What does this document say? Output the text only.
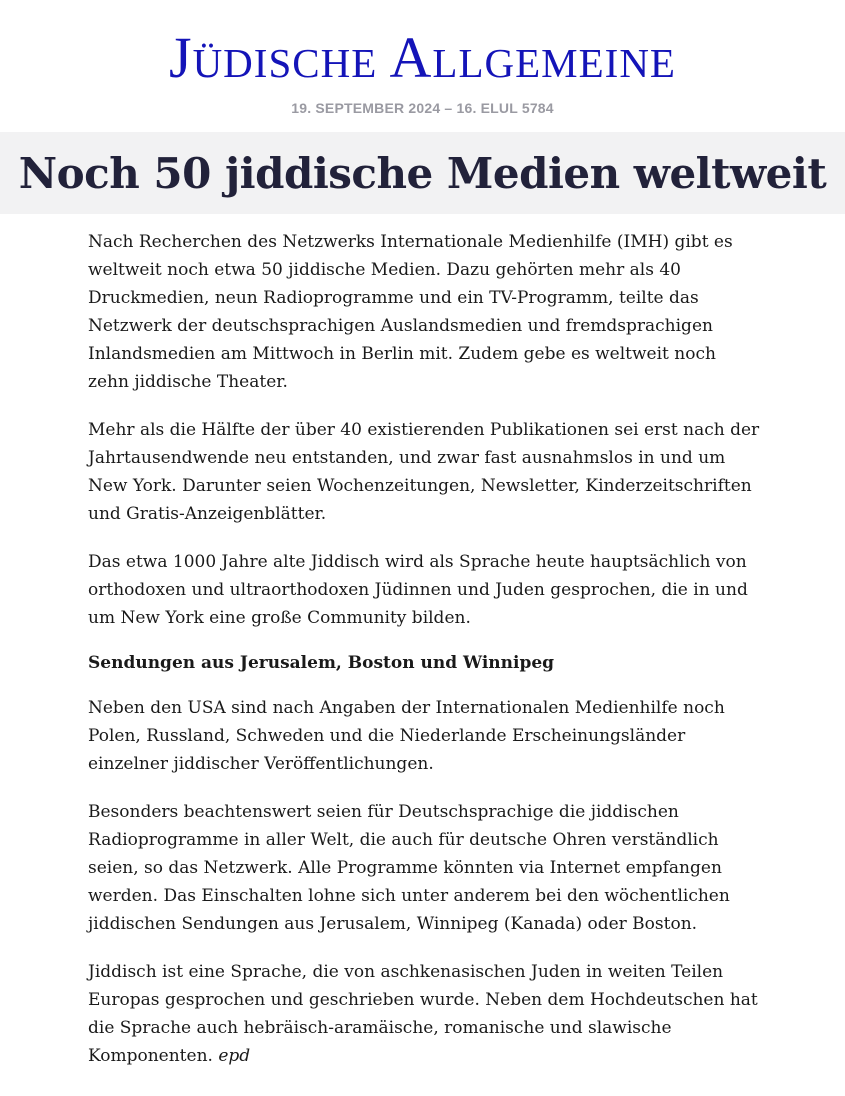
Jüdische Allgemeine
19. SEPTEMBER 2024 – 16. ELUL 5784
Noch 50 jiddische Medien weltweit

Nach Recherchen des Netzwerks Internationale Medienhilfe (IMH) gibt es weltweit noch etwa 50 jiddische Medien. Dazu gehörten mehr als 40 Druckmedien, neun Radioprogramme und ein TV-Programm, teilte das Netzwerk der deutschsprachigen Auslandsmedien und fremdsprachigen Inlandsmedien am Mittwoch in Berlin mit. Zudem gebe es weltweit noch zehn jiddische Theater.

Mehr als die Hälfte der über 40 existierenden Publikationen sei erst nach der Jahrtausendwende neu entstanden, und zwar fast ausnahmslos in und um New York. Darunter seien Wochenzeitungen, Newsletter, Kinderzeitschriften und Gratis-Anzeigenblätter.

Das etwa 1000 Jahre alte Jiddisch wird als Sprache heute hauptsächlich von orthodoxen und ultraorthodoxen Jüdinnen und Juden gesprochen, die in und um New York eine große Community bilden.

Sendungen aus Jerusalem, Boston und Winnipeg

Neben den USA sind nach Angaben der Internationalen Medienhilfe noch Polen, Russland, Schweden und die Niederlande Erscheinungsländer einzelner jiddischer Veröffentlichungen.

Besonders beachtenswert seien für Deutschsprachige die jiddischen Radioprogramme in aller Welt, die auch für deutsche Ohren verständlich seien, so das Netzwerk. Alle Programme könnten via Internet empfangen werden. Das Einschalten lohne sich unter anderem bei den wöchentlichen jiddischen Sendungen aus Jerusalem, Winnipeg (Kanada) oder Boston.

Jiddisch ist eine Sprache, die von aschkenasischen Juden in weiten Teilen Europas gesprochen und geschrieben wurde. Neben dem Hochdeutschen hat die Sprache auch hebräisch-aramäische, romanische und slawische Komponenten. epd
